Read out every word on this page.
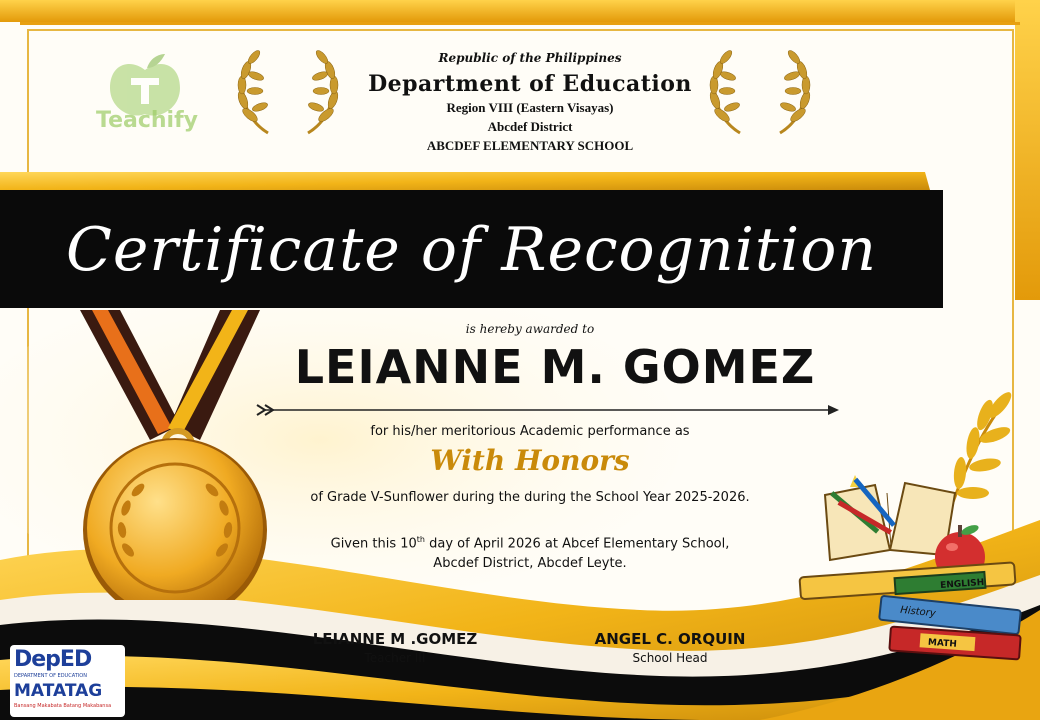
Teachify
Republic of the Philippines
Department of Education
Region VIII (Eastern Visayas)
Abcdef District
ABCDEF ELEMENTARY SCHOOL
Certificate of Recognition
is hereby awarded to
LEIANNE M. GOMEZ
for his/her meritorious Academic performance as
With Honors
of Grade V-Sunflower during the during the School Year 2025-2026.
Given this 10th day of April 2026 at Abcef Elementary School,
Abcdef District, Abcdef Leyte.
LEIANNE M .GOMEZ
Teacher III
ANGEL C. ORQUIN
School Head
ENGLISH
History
MATH
DepED
DEPARTMENT OF EDUCATION
MATATAG
Bansang Makabata Batang Makabansa
